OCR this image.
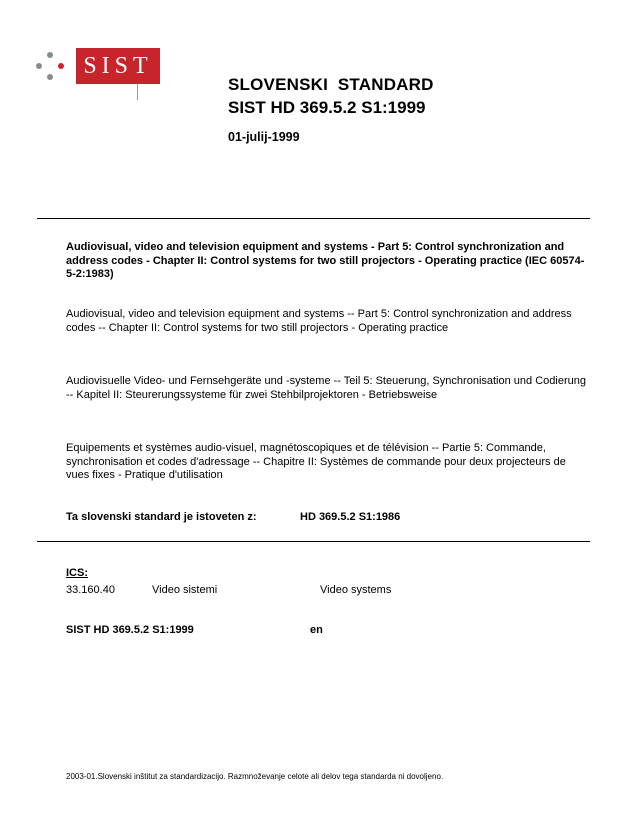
SIST
SLOVENSKI  STANDARD
SIST HD 369.5.2 S1:1999
01-julij-1999
Audiovisual, video and television equipment and systems - Part 5: Control synchronization and address codes - Chapter II: Control systems for two still projectors - Operating practice (IEC 60574-5-2:1983)
Audiovisual, video and television equipment and systems -- Part 5: Control synchronization and address codes -- Chapter II: Control systems for two still projectors - Operating practice
Audiovisuelle Video- und Fernsehgeräte und -systeme -- Teil 5: Steuerung, Synchronisation und Codierung -- Kapitel II: Steurerungssysteme für zwei Stehbilprojektoren - Betriebsweise
Equipements et systèmes audio-visuel, magnétoscopiques et de télévision -- Partie 5: Commande, synchronisation et codes d'adressage -- Chapitre II: Systèmes de commande pour deux projecteurs de vues fixes - Pratique d'utilisation
Ta slovenski standard je istoveten z:	HD 369.5.2 S1:1986
ICS:
33.160.40	Video sistemi	Video systems
SIST HD 369.5.2 S1:1999	en
2003-01.Slovenski inštitut za standardizacijo. Razmnoževanje celote ali delov tega standarda ni dovoljeno.
